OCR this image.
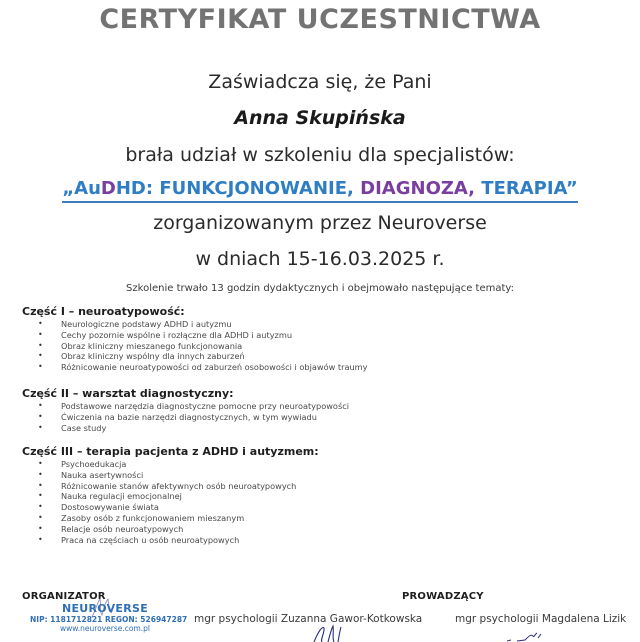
CERTYFIKAT UCZESTNICTWA
Zaświadcza się, że Pani
Anna Skupińska
brała udział w szkoleniu dla specjalistów:
„AuDHD: FUNKCJONOWANIE, DIAGNOZA, TERAPIA”
zorganizowanym przez Neuroverse
w dniach 15-16.03.2025 r.
Szkolenie trwało 13 godzin dydaktycznych i obejmowało następujące tematy:
Część I – neuroatypowość:
• Neurologiczne podstawy ADHD i autyzmu
• Cechy pozornie wspólne i rozłączne dla ADHD i autyzmu
• Obraz kliniczny mieszanego funkcjonowania
• Obraz kliniczny wspólny dla innych zaburzeń
• Różnicowanie neuroatypowości od zaburzeń osobowości i objawów traumy
Część II – warsztat diagnostyczny:
• Podstawowe narzędzia diagnostyczne pomocne przy neuroatypowości
• Ćwiczenia na bazie narzędzi diagnostycznych, w tym wywiadu
• Case study
Część III – terapia pacjenta z ADHD i autyzmem:
• Psychoedukacja
• Nauka asertywności
• Różnicowanie stanów afektywnych osób neuroatypowych
• Nauka regulacji emocjonalnej
• Dostosowywanie świata
• Zasoby osób z funkcjonowaniem mieszanym
• Relacje osób neuroatypowych
• Praca na częściach u osób neuroatypowych
ORGANIZATOR
NEUROVERSE
NIP: 1181712821 REGON: 526947287
www.neuroverse.com.pl
PROWADZĄCY
mgr psychologii Zuzanna Gawor-Kotkowska	mgr psychologii Magdalena Lizik
